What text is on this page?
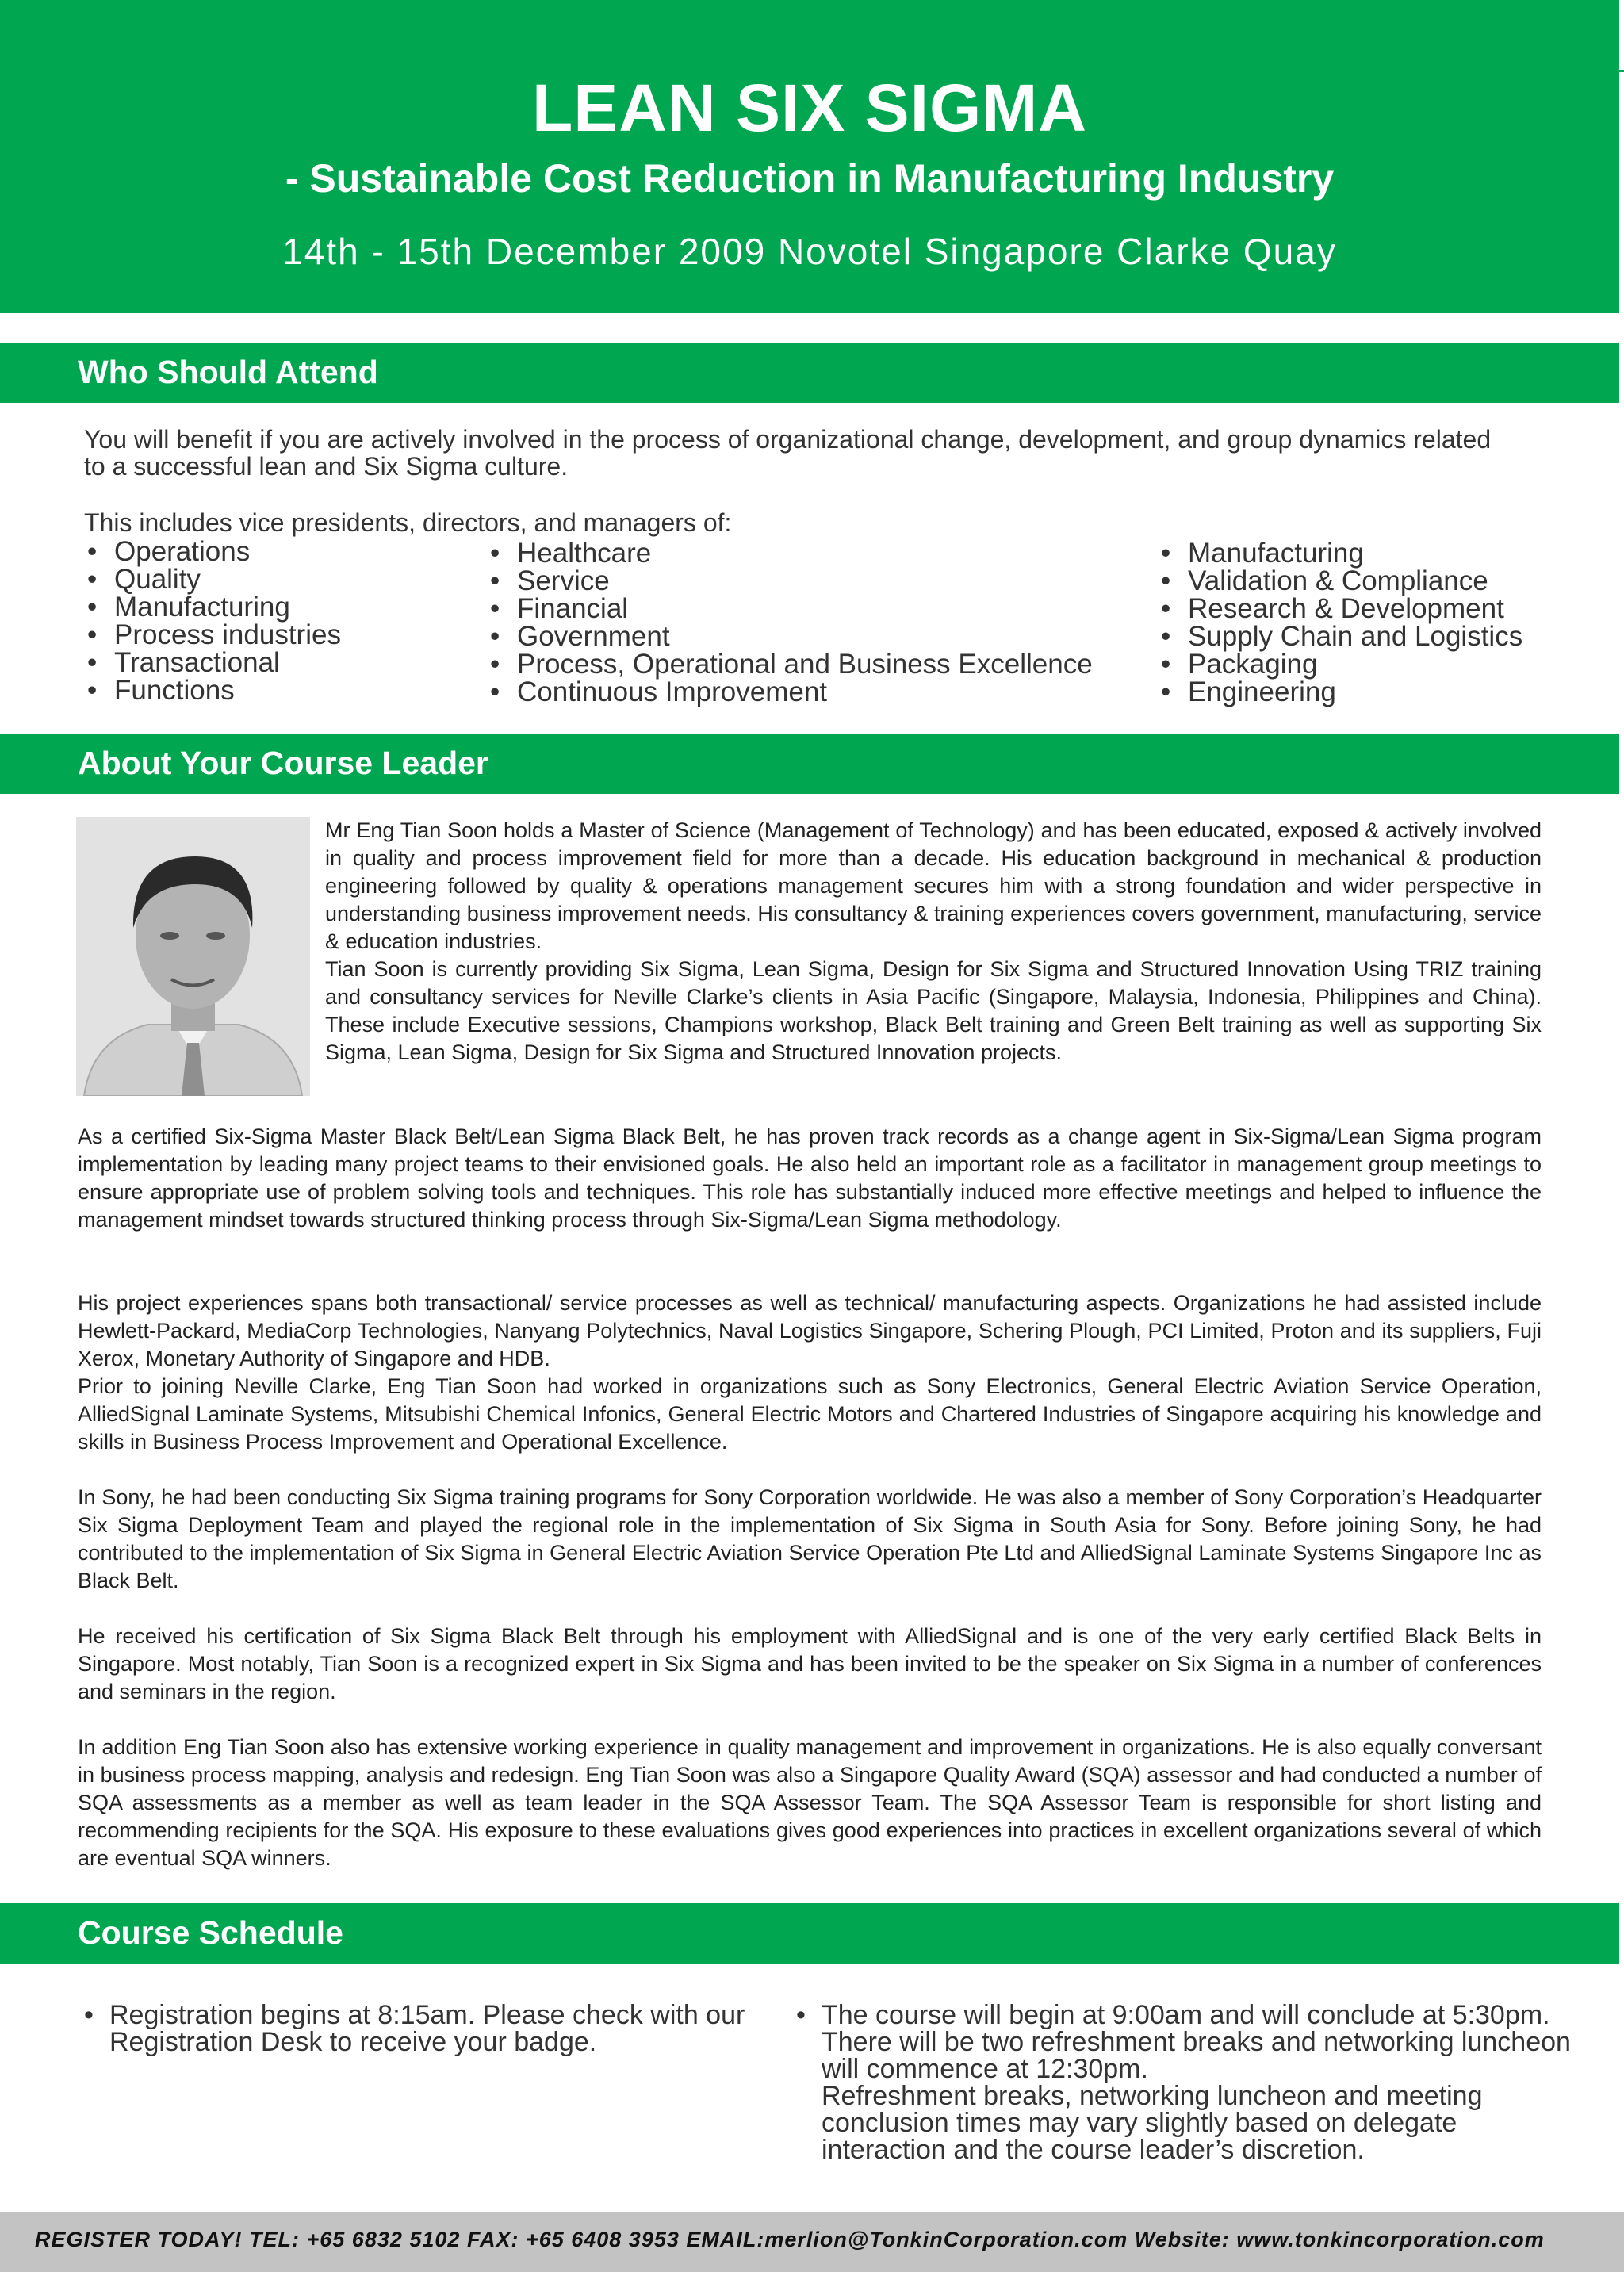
LEAN SIX SIGMA
- Sustainable Cost Reduction in Manufacturing Industry
14th - 15th December 2009 Novotel Singapore Clarke Quay
Who Should Attend
You will benefit if you are actively involved in the process of organizational change, development, and group dynamics related
to a successful lean and Six Sigma culture.
This includes vice presidents, directors, and managers of:
• Operations
• Quality
• Manufacturing
• Process industries
• Transactional
• Functions
• Healthcare
• Service
• Financial
• Government
• Process, Operational and Business Excellence
• Continuous Improvement
• Manufacturing
• Validation & Compliance
• Research & Development
• Supply Chain and Logistics
• Packaging
• Engineering
About Your Course Leader

Mr Eng Tian Soon holds a Master of Science (Management of Technology) and has been educated, exposed & actively involved in quality and process improvement field for more than a decade. His education background in mechanical & production engineering followed by quality & operations management secures him with a strong foundation and wider perspective in understanding business improvement needs. His consultancy & training experiences covers government, manufacturing, service & education industries.

Tian Soon is currently providing Six Sigma, Lean Sigma, Design for Six Sigma and Structured Innovation Using TRIZ training and consultancy services for Neville Clarke’s clients in Asia Pacific (Singapore, Malaysia, Indonesia, Philippines and China). These include Executive sessions, Champions workshop, Black Belt training and Green Belt training as well as supporting Six Sigma, Lean Sigma, Design for Six Sigma and Structured Innovation projects.

As a certified Six-Sigma Master Black Belt/Lean Sigma Black Belt, he has proven track records as a change agent in Six-Sigma/Lean Sigma program implementation by leading many project teams to their envisioned goals. He also held an important role as a facilitator in management group meetings to ensure appropriate use of problem solving tools and techniques. This role has substantially induced more effective meetings and helped to influence the management mindset towards structured thinking process through Six-Sigma/Lean Sigma methodology.

His project experiences spans both transactional/ service processes as well as technical/ manufacturing aspects. Organizations he had assisted include Hewlett-Packard, MediaCorp Technologies, Nanyang Polytechnics, Naval Logistics Singapore, Schering Plough, PCI Limited, Proton and its suppliers, Fuji Xerox, Monetary Authority of Singapore and HDB.

Prior to joining Neville Clarke, Eng Tian Soon had worked in organizations such as Sony Electronics, General Electric Aviation Service Operation, AlliedSignal Laminate Systems, Mitsubishi Chemical Infonics, General Electric Motors and Chartered Industries of Singapore acquiring his knowledge and skills in Business Process Improvement and Operational Excellence.

In Sony, he had been conducting Six Sigma training programs for Sony Corporation worldwide. He was also a member of Sony Corporation’s Headquarter Six Sigma Deployment Team and played the regional role in the implementation of Six Sigma in South Asia for Sony. Before joining Sony, he had contributed to the implementation of Six Sigma in General Electric Aviation Service Operation Pte Ltd and AlliedSignal Laminate Systems Singapore Inc as Black Belt.

He received his certification of Six Sigma Black Belt through his employment with AlliedSignal and is one of the very early certified Black Belts in Singapore. Most notably, Tian Soon is a recognized expert in Six Sigma and has been invited to be the speaker on Six Sigma in a number of conferences and seminars in the region.

In addition Eng Tian Soon also has extensive working experience in quality management and improvement in organizations. He is also equally conversant in business process mapping, analysis and redesign. Eng Tian Soon was also a Singapore Quality Award (SQA) assessor and had conducted a number of SQA assessments as a member as well as team leader in the SQA Assessor Team. The SQA Assessor Team is responsible for short listing and recommending recipients for the SQA. His exposure to these evaluations gives good experiences into practices in excellent organizations several of which are eventual SQA winners.

Course Schedule
• Registration begins at 8:15am. Please check with our Registration Desk to receive your badge.
• The course will begin at 9:00am and will conclude at 5:30pm. There will be two refreshment breaks and networking luncheon will commence at 12:30pm.
Refreshment breaks, networking luncheon and meeting conclusion times may vary slightly based on delegate interaction and the course leader’s discretion.
REGISTER TODAY! TEL: +65 6832 5102 FAX: +65 6408 3953 EMAIL:merlion@TonkinCorporation.com Website: www.tonkincorporation.com
